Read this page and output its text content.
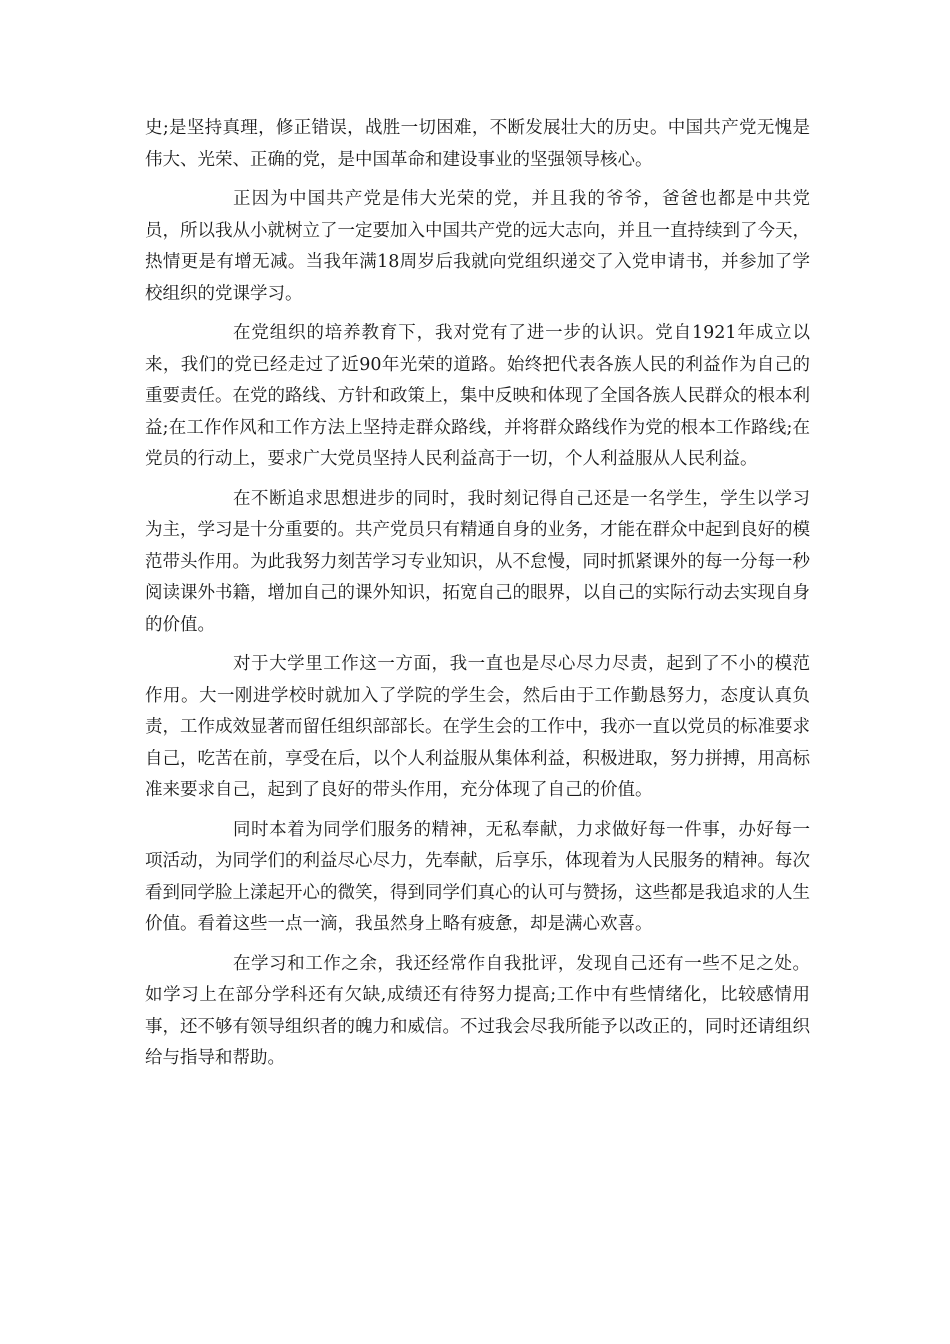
史;是坚持真理，修正错误，战胜一切困难，不断发展壮大的历史。中国共产党无愧是伟大、光荣、正确的党，是中国革命和建设事业的坚强领导核心。

正因为中国共产党是伟大光荣的党，并且我的爷爷，爸爸也都是中共党员，所以我从小就树立了一定要加入中国共产党的远大志向，并且一直持续到了今天，热情更是有增无减。当我年满18周岁后我就向党组织递交了入党申请书，并参加了学校组织的党课学习。

在党组织的培养教育下，我对党有了进一步的认识。党自1921年成立以来，我们的党已经走过了近90年光荣的道路。始终把代表各族人民的利益作为自己的重要责任。在党的路线、方针和政策上，集中反映和体现了全国各族人民群众的根本利益;在工作作风和工作方法上坚持走群众路线，并将群众路线作为党的根本工作路线;在党员的行动上，要求广大党员坚持人民利益高于一切，个人利益服从人民利益。

在不断追求思想进步的同时，我时刻记得自己还是一名学生，学生以学习为主，学习是十分重要的。共产党员只有精通自身的业务，才能在群众中起到良好的模范带头作用。为此我努力刻苦学习专业知识，从不怠慢，同时抓紧课外的每一分每一秒阅读课外书籍，增加自己的课外知识，拓宽自己的眼界，以自己的实际行动去实现自身的价值。

对于大学里工作这一方面，我一直也是尽心尽力尽责，起到了不小的模范作用。大一刚进学校时就加入了学院的学生会，然后由于工作勤恳努力，态度认真负责，工作成效显著而留任组织部部长。在学生会的工作中，我亦一直以党员的标准要求自己，吃苦在前，享受在后，以个人利益服从集体利益，积极进取，努力拼搏，用高标准来要求自己，起到了良好的带头作用，充分体现了自己的价值。

同时本着为同学们服务的精神，无私奉献，力求做好每一件事，办好每一项活动，为同学们的利益尽心尽力，先奉献，后享乐，体现着为人民服务的精神。每次看到同学脸上漾起开心的微笑，得到同学们真心的认可与赞扬，这些都是我追求的人生价值。看着这些一点一滴，我虽然身上略有疲惫，却是满心欢喜。

在学习和工作之余，我还经常作自我批评，发现自己还有一些不足之处。如学习上在部分学科还有欠缺,成绩还有待努力提高;工作中有些情绪化，比较感情用事，还不够有领导组织者的魄力和威信。不过我会尽我所能予以改正的，同时还请组织给与指导和帮助。
